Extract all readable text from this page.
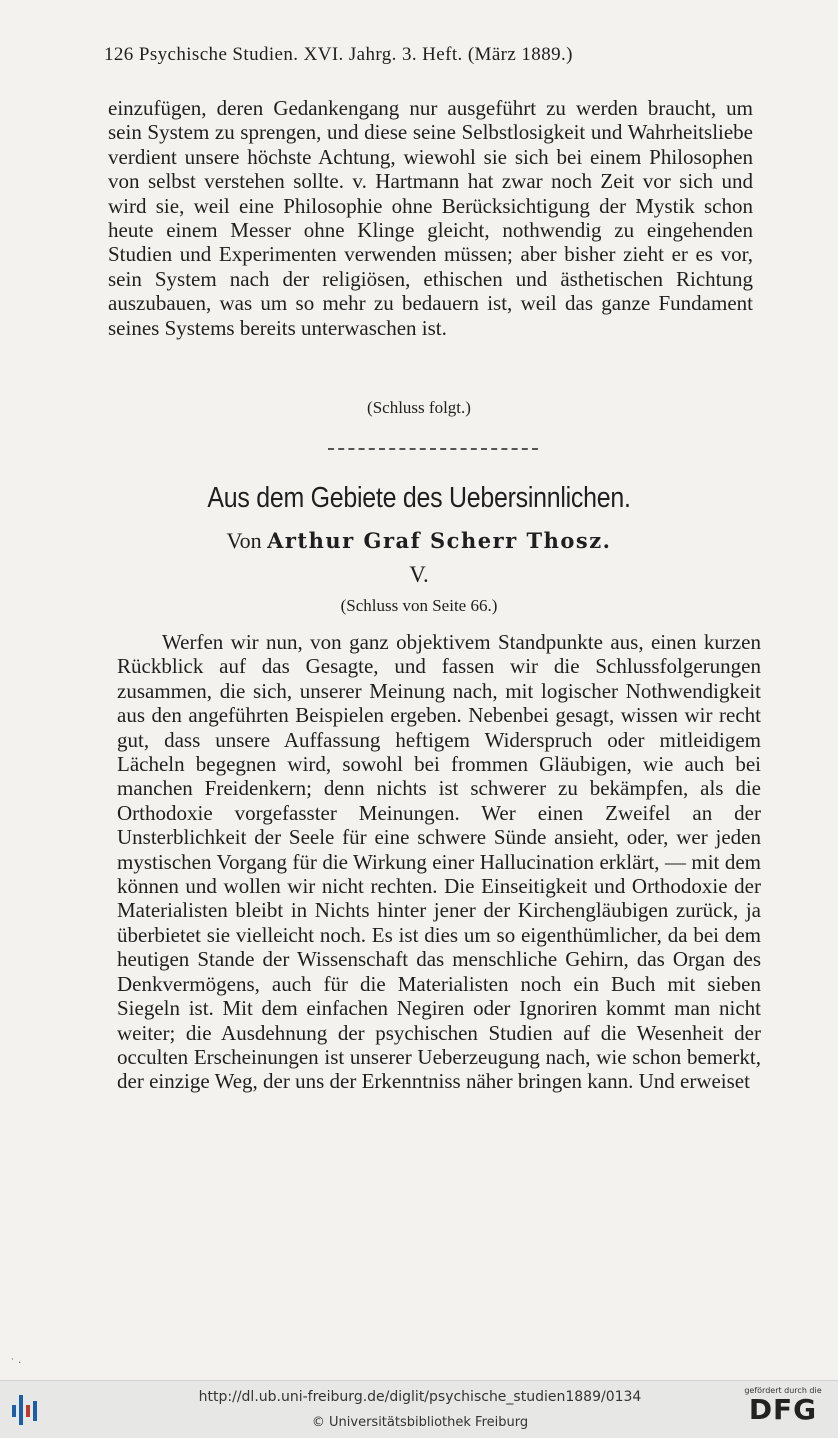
126 Psychische Studien. XVI. Jahrg. 3. Heft. (März 1889.)
einzufügen, deren Gedankengang nur ausgeführt zu werden braucht, um sein System zu sprengen, und diese seine Selbstlosigkeit und Wahrheitsliebe verdient unsere höchste Achtung, wiewohl sie sich bei einem Philosophen von selbst verstehen sollte. v. Hartmann hat zwar noch Zeit vor sich und wird sie, weil eine Philosophie ohne Berücksichtigung der Mystik schon heute einem Messer ohne Klinge gleicht, nothwendig zu eingehenden Studien und Experimenten verwenden müssen; aber bisher zieht er es vor, sein System nach der religiösen, ethischen und ästhetischen Richtung auszubauen, was um so mehr zu bedauern ist, weil das ganze Fundament seines Systems bereits unterwaschen ist.
(Schluss folgt.)
Aus dem Gebiete des Uebersinnlichen.
Von Arthur Graf Scherr Thosz.
V.
(Schluss von Seite 66.)
Werfen wir nun, von ganz objektivem Standpunkte aus, einen kurzen Rückblick auf das Gesagte, und fassen wir die Schlussfolgerungen zusammen, die sich, unserer Meinung nach, mit logischer Nothwendigkeit aus den angeführten Beispielen ergeben. Nebenbei gesagt, wissen wir recht gut, dass unsere Auffassung heftigem Widerspruch oder mitleidigem Lächeln begegnen wird, sowohl bei frommen Gläubigen, wie auch bei manchen Freidenkern; denn nichts ist schwerer zu bekämpfen, als die Orthodoxie vorgefasster Meinungen. Wer einen Zweifel an der Unsterblichkeit der Seele für eine schwere Sünde ansieht, oder, wer jeden mystischen Vorgang für die Wirkung einer Hallucination erklärt, — mit dem können und wollen wir nicht rechten. Die Einseitigkeit und Orthodoxie der Materialisten bleibt in Nichts hinter jener der Kirchengläubigen zurück, ja überbietet sie vielleicht noch. Es ist dies um so eigenthümlicher, da bei dem heutigen Stande der Wissenschaft das menschliche Gehirn, das Organ des Denkvermögens, auch für die Materialisten noch ein Buch mit sieben Siegeln ist. Mit dem einfachen Negiren oder Ignoriren kommt man nicht weiter; die Ausdehnung der psychischen Studien auf die Wesenheit der occulten Erscheinungen ist unserer Ueberzeugung nach, wie schon bemerkt, der einzige Weg, der uns der Erkenntniss näher bringen kann. Und erweiset
˙ ·
http://dl.ub.uni-freiburg.de/diglit/psychische_studien1889/0134
© Universitätsbibliothek Freiburg
gefördert durch die
DFG
